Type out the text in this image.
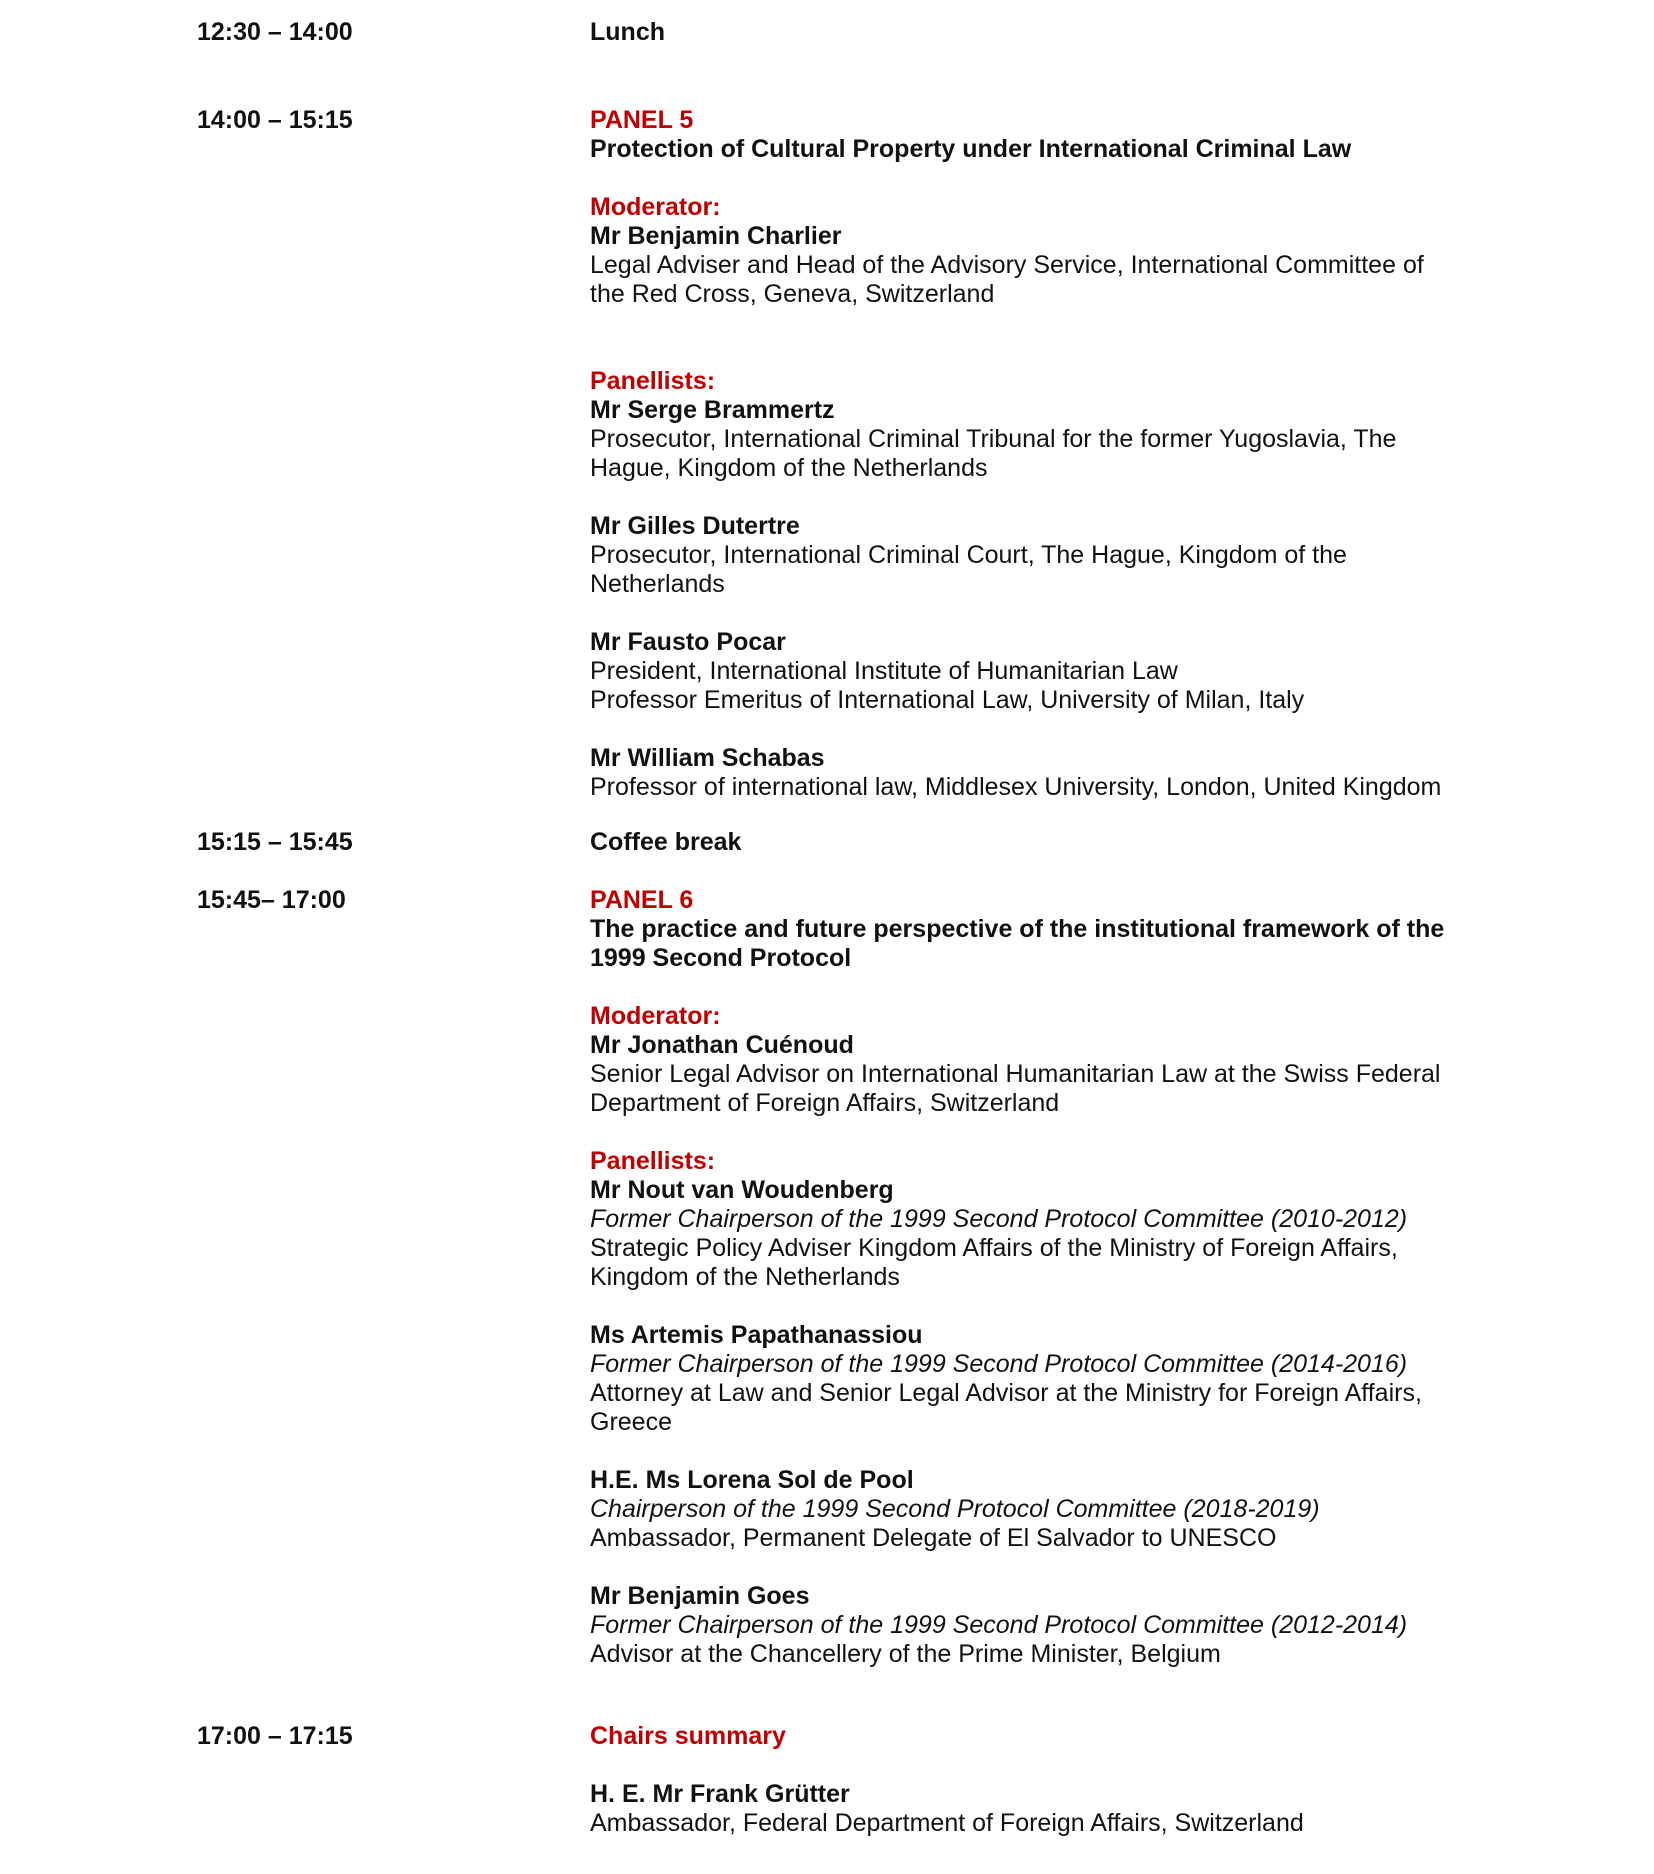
12:30 – 14:00	Lunch
14:00 – 15:15	PANEL 5
Protection of Cultural Property under International Criminal Law
Moderator:
Mr Benjamin Charlier
Legal Adviser and Head of the Advisory Service, International Committee of
the Red Cross, Geneva, Switzerland
Panellists:
Mr Serge Brammertz
Prosecutor, International Criminal Tribunal for the former Yugoslavia, The
Hague, Kingdom of the Netherlands
Mr Gilles Dutertre
Prosecutor, International Criminal Court, The Hague, Kingdom of the
Netherlands
Mr Fausto Pocar
President, International Institute of Humanitarian Law
Professor Emeritus of International Law, University of Milan, Italy
Mr William Schabas
Professor of international law, Middlesex University, London, United Kingdom
15:15 – 15:45	Coffee break
15:45– 17:00	PANEL 6
The practice and future perspective of the institutional framework of the
1999 Second Protocol
Moderator:
Mr Jonathan Cuénoud
Senior Legal Advisor on International Humanitarian Law at the Swiss Federal
Department of Foreign Affairs, Switzerland
Panellists:
Mr Nout van Woudenberg
Former Chairperson of the 1999 Second Protocol Committee (2010-2012)
Strategic Policy Adviser Kingdom Affairs of the Ministry of Foreign Affairs,
Kingdom of the Netherlands
Ms Artemis Papathanassiou
Former Chairperson of the 1999 Second Protocol Committee (2014-2016)
Attorney at Law and Senior Legal Advisor at the Ministry for Foreign Affairs,
Greece
H.E. Ms Lorena Sol de Pool
Chairperson of the 1999 Second Protocol Committee (2018-2019)
Ambassador, Permanent Delegate of El Salvador to UNESCO
Mr Benjamin Goes
Former Chairperson of the 1999 Second Protocol Committee (2012-2014)
Advisor at the Chancellery of the Prime Minister, Belgium
17:00 – 17:15	Chairs summary
H. E. Mr Frank Grütter
Ambassador, Federal Department of Foreign Affairs, Switzerland
